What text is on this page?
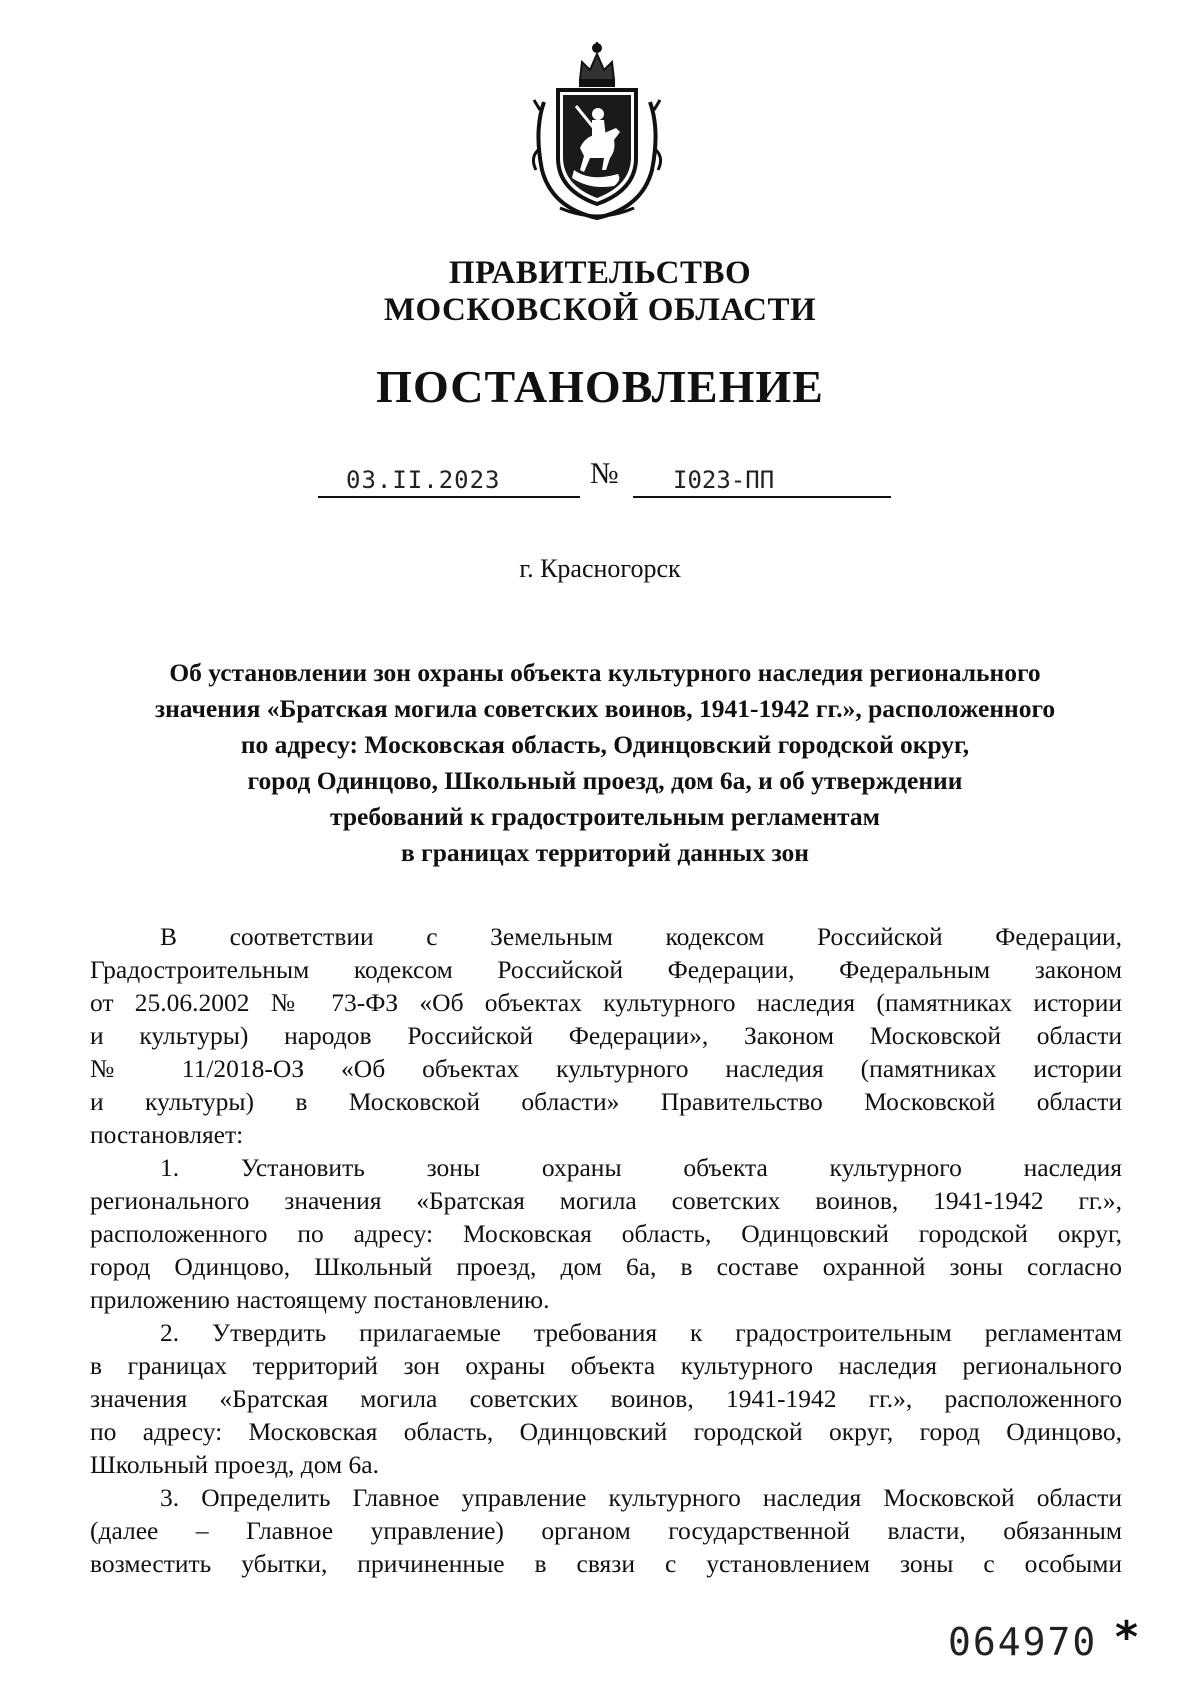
ПРАВИТЕЛЬСТВО
МОСКОВСКОЙ ОБЛАСТИ
ПОСТАНОВЛЕНИЕ
03.II.2023	№ I023-ПП
г. Красногорск
Об установлении зон охраны объекта культурного наследия регионального
значения «Братская могила советских воинов, 1941-1942 гг.», расположенного
по адресу: Московская область, Одинцовский городской округ,
город Одинцово, Школьный проезд, дом 6а, и об утверждении
требований к градостроительным регламентам
в границах территорий данных зон
В соответствии с Земельным кодексом Российской Федерации,
Градостроительным кодексом Российской Федерации, Федеральным законом
от 25.06.2002 № 73-ФЗ «Об объектах культурного наследия (памятниках истории
и культуры) народов Российской Федерации», Законом Московской области
№ 11/2018-ОЗ «Об объектах культурного наследия (памятниках истории
и культуры) в Московской области» Правительство Московской области
постановляет:
1. Установить зоны охраны объекта культурного наследия
регионального значения «Братская могила советских воинов, 1941-1942 гг.»,
расположенного по адресу: Московская область, Одинцовский городской округ,
город Одинцово, Школьный проезд, дом 6а, в составе охранной зоны согласно
приложению настоящему постановлению.
2. Утвердить прилагаемые требования к градостроительным регламентам
в границах территорий зон охраны объекта культурного наследия регионального
значения «Братская могила советских воинов, 1941-1942 гг.», расположенного
по адресу: Московская область, Одинцовский городской округ, город Одинцово,
Школьный проезд, дом 6а.
3. Определить Главное управление культурного наследия Московской области
(далее – Главное управление) органом государственной власти, обязанным
возместить убытки, причиненные в связи с установлением зоны с особыми
064970 *
